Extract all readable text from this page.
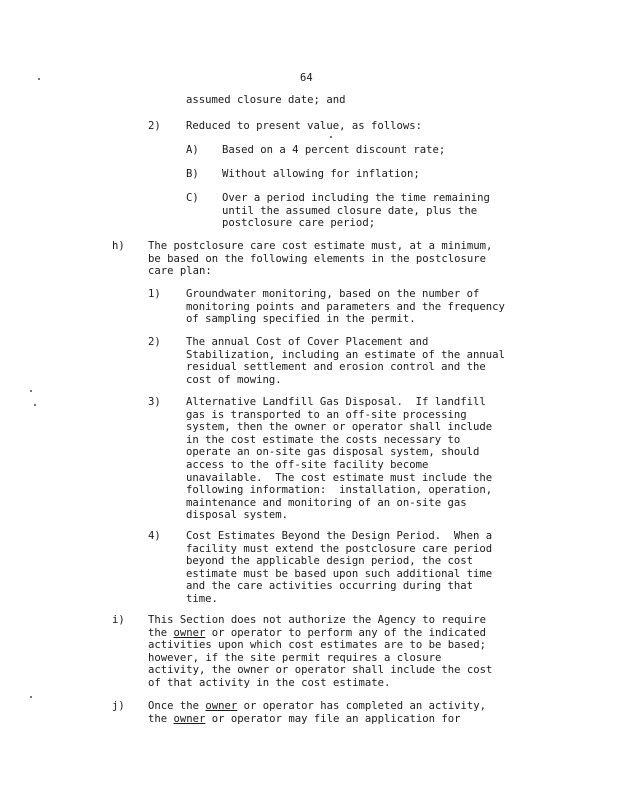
64
assumed closure date; and
2) Reduced to present value, as follows:
A) Based on a 4 percent discount rate;
B) Without allowing for inflation;
C) Over a period including the time remaining
until the assumed closure date, plus the
postclosure care period;
h) The postclosure care cost estimate must, at a minimum,
be based on the following elements in the postclosure
care plan:
1) Groundwater monitoring, based on the number of
monitoring points and parameters and the frequency
of sampling specified in the permit.
2) The annual Cost of Cover Placement and
Stabilization, including an estimate of the annual
residual settlement and erosion control and the
cost of mowing.
3) Alternative Landfill Gas Disposal.  If landfill
gas is transported to an off-site processing
system, then the owner or operator shall include
in the cost estimate the costs necessary to
operate an on-site gas disposal system, should
access to the off-site facility become
unavailable.  The cost estimate must include the
following information:  installation, operation,
maintenance and monitoring of an on-site gas
disposal system.
4) Cost Estimates Beyond the Design Period.  When a
facility must extend the postclosure care period
beyond the applicable design period, the cost
estimate must be based upon such additional time
and the care activities occurring during that
time.
i) This Section does not authorize the Agency to require
the owner or operator to perform any of the indicated
activities upon which cost estimates are to be based;
however, if the site permit requires a closure
activity, the owner or operator shall include the cost
of that activity in the cost estimate.
j) Once the owner or operator has completed an activity,
the owner or operator may file an application for
